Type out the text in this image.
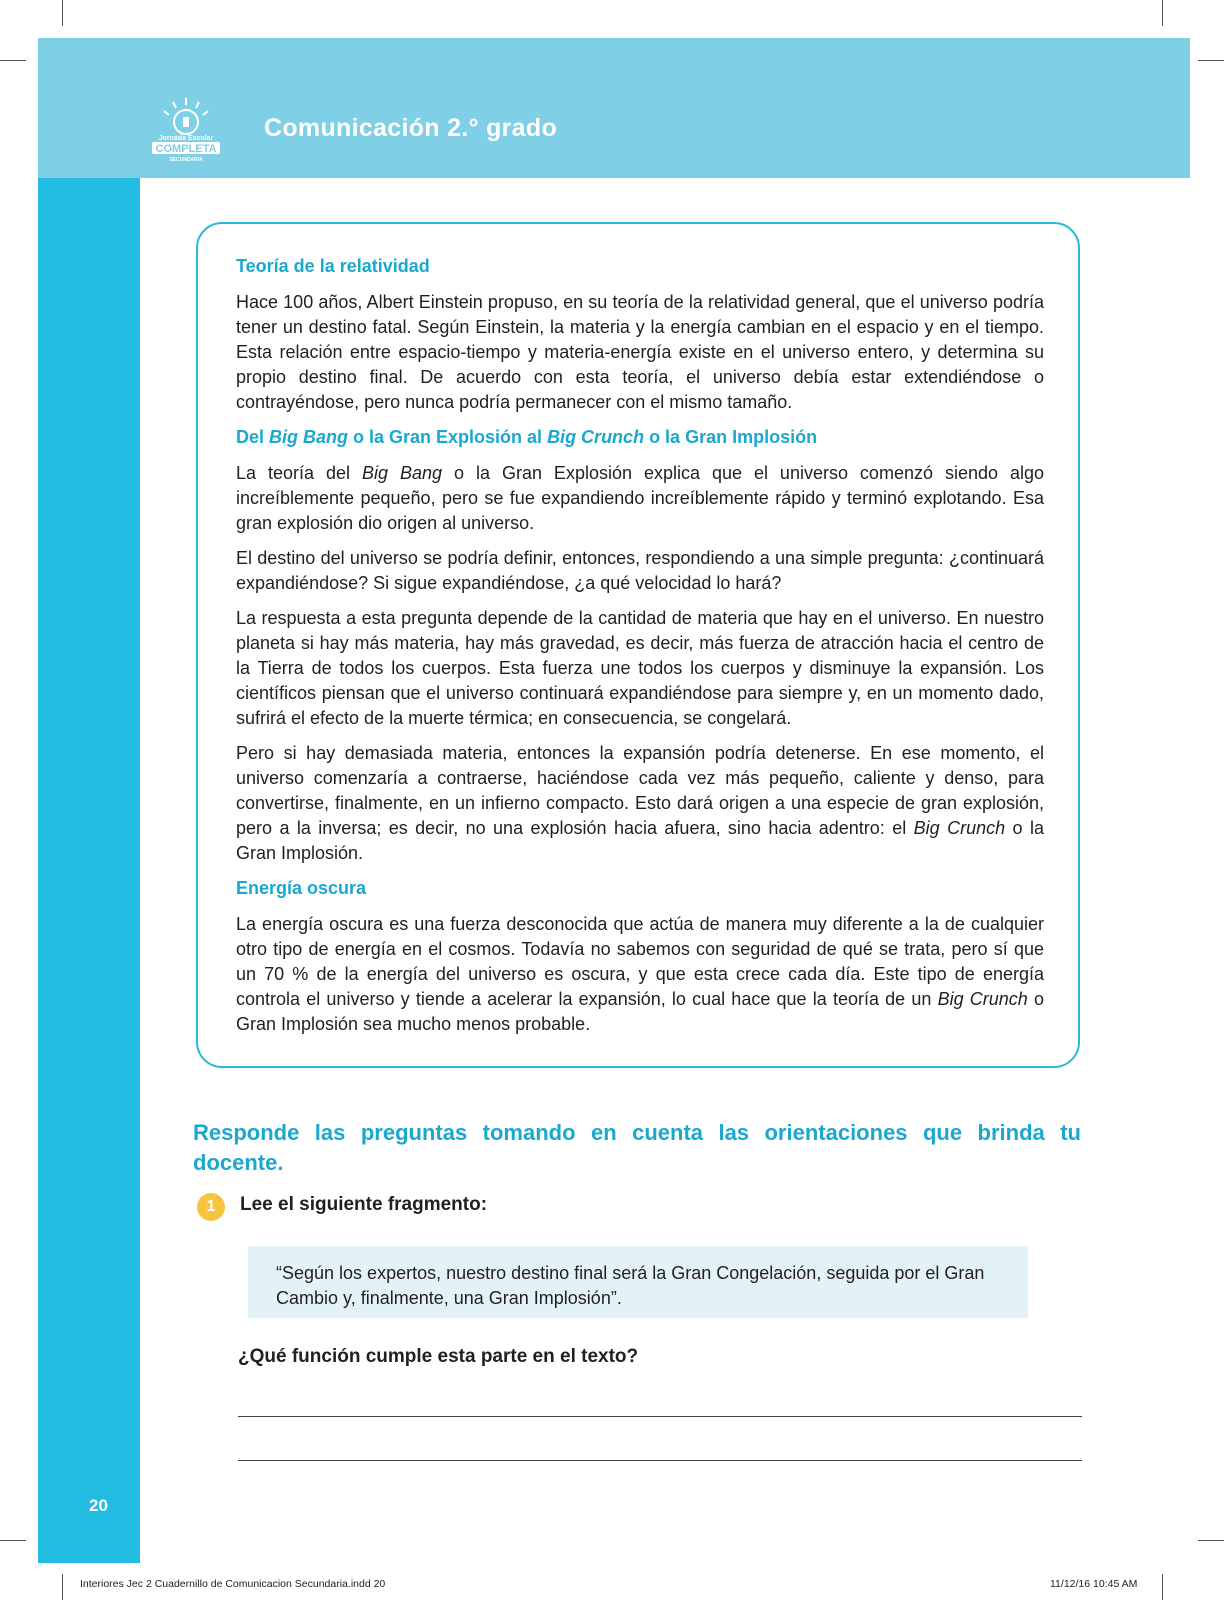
Jornada Escolar
COMPLETA
SECUNDARIA
Comunicación 2.° grado

Teoría de la relatividad

Hace 100 años, Albert Einstein propuso, en su teoría de la relatividad general, que el universo podría tener un destino fatal. Según Einstein, la materia y la energía cambian en el espacio y en el tiempo. Esta relación entre espacio-tiempo y materia-energía existe en el universo entero, y determina su propio destino final. De acuerdo con esta teoría, el universo debía estar extendiéndose o contrayéndose, pero nunca podría permanecer con el mismo tamaño.

Del Big Bang o la Gran Explosión al Big Crunch o la Gran Implosión

La teoría del Big Bang o la Gran Explosión explica que el universo comenzó siendo algo increíblemente pequeño, pero se fue expandiendo increíblemente rápido y terminó explotando. Esa gran explosión dio origen al universo.

El destino del universo se podría definir, entonces, respondiendo a una simple pregunta: ¿continuará expandiéndose? Si sigue expandiéndose, ¿a qué velocidad lo hará?

La respuesta a esta pregunta depende de la cantidad de materia que hay en el universo. En nuestro planeta si hay más materia, hay más gravedad, es decir, más fuerza de atracción hacia el centro de la Tierra de todos los cuerpos. Esta fuerza une todos los cuerpos y disminuye la expansión. Los científicos piensan que el universo continuará expandiéndose para siempre y, en un momento dado, sufrirá el efecto de la muerte térmica; en consecuencia, se congelará.

Pero si hay demasiada materia, entonces la expansión podría detenerse. En ese momento, el universo comenzaría a contraerse, haciéndose cada vez más pequeño, caliente y denso, para convertirse, finalmente, en un infierno compacto. Esto dará origen a una especie de gran explosión, pero a la inversa; es decir, no una explosión hacia afuera, sino hacia adentro: el Big Crunch o la Gran Implosión.

Energía oscura

La energía oscura es una fuerza desconocida que actúa de manera muy diferente a la de cualquier otro tipo de energía en el cosmos. Todavía no sabemos con seguridad de qué se trata, pero sí que un 70 % de la energía del universo es oscura, y que esta crece cada día. Este tipo de energía controla el universo y tiende a acelerar la expansión, lo cual hace que la teoría de un Big Crunch o Gran Implosión sea mucho menos probable.

Responde las preguntas tomando en cuenta las orientaciones que brinda tu docente.
1	Lee el siguiente fragmento:
“Según los expertos, nuestro destino final será la Gran Congelación, seguida por el Gran Cambio y, finalmente, una Gran Implosión”.
¿Qué función cumple esta parte en el texto?
20
Interiores Jec 2 Cuadernillo de Comunicacion Secundaria.indd 20	11/12/16 10:45 AM
